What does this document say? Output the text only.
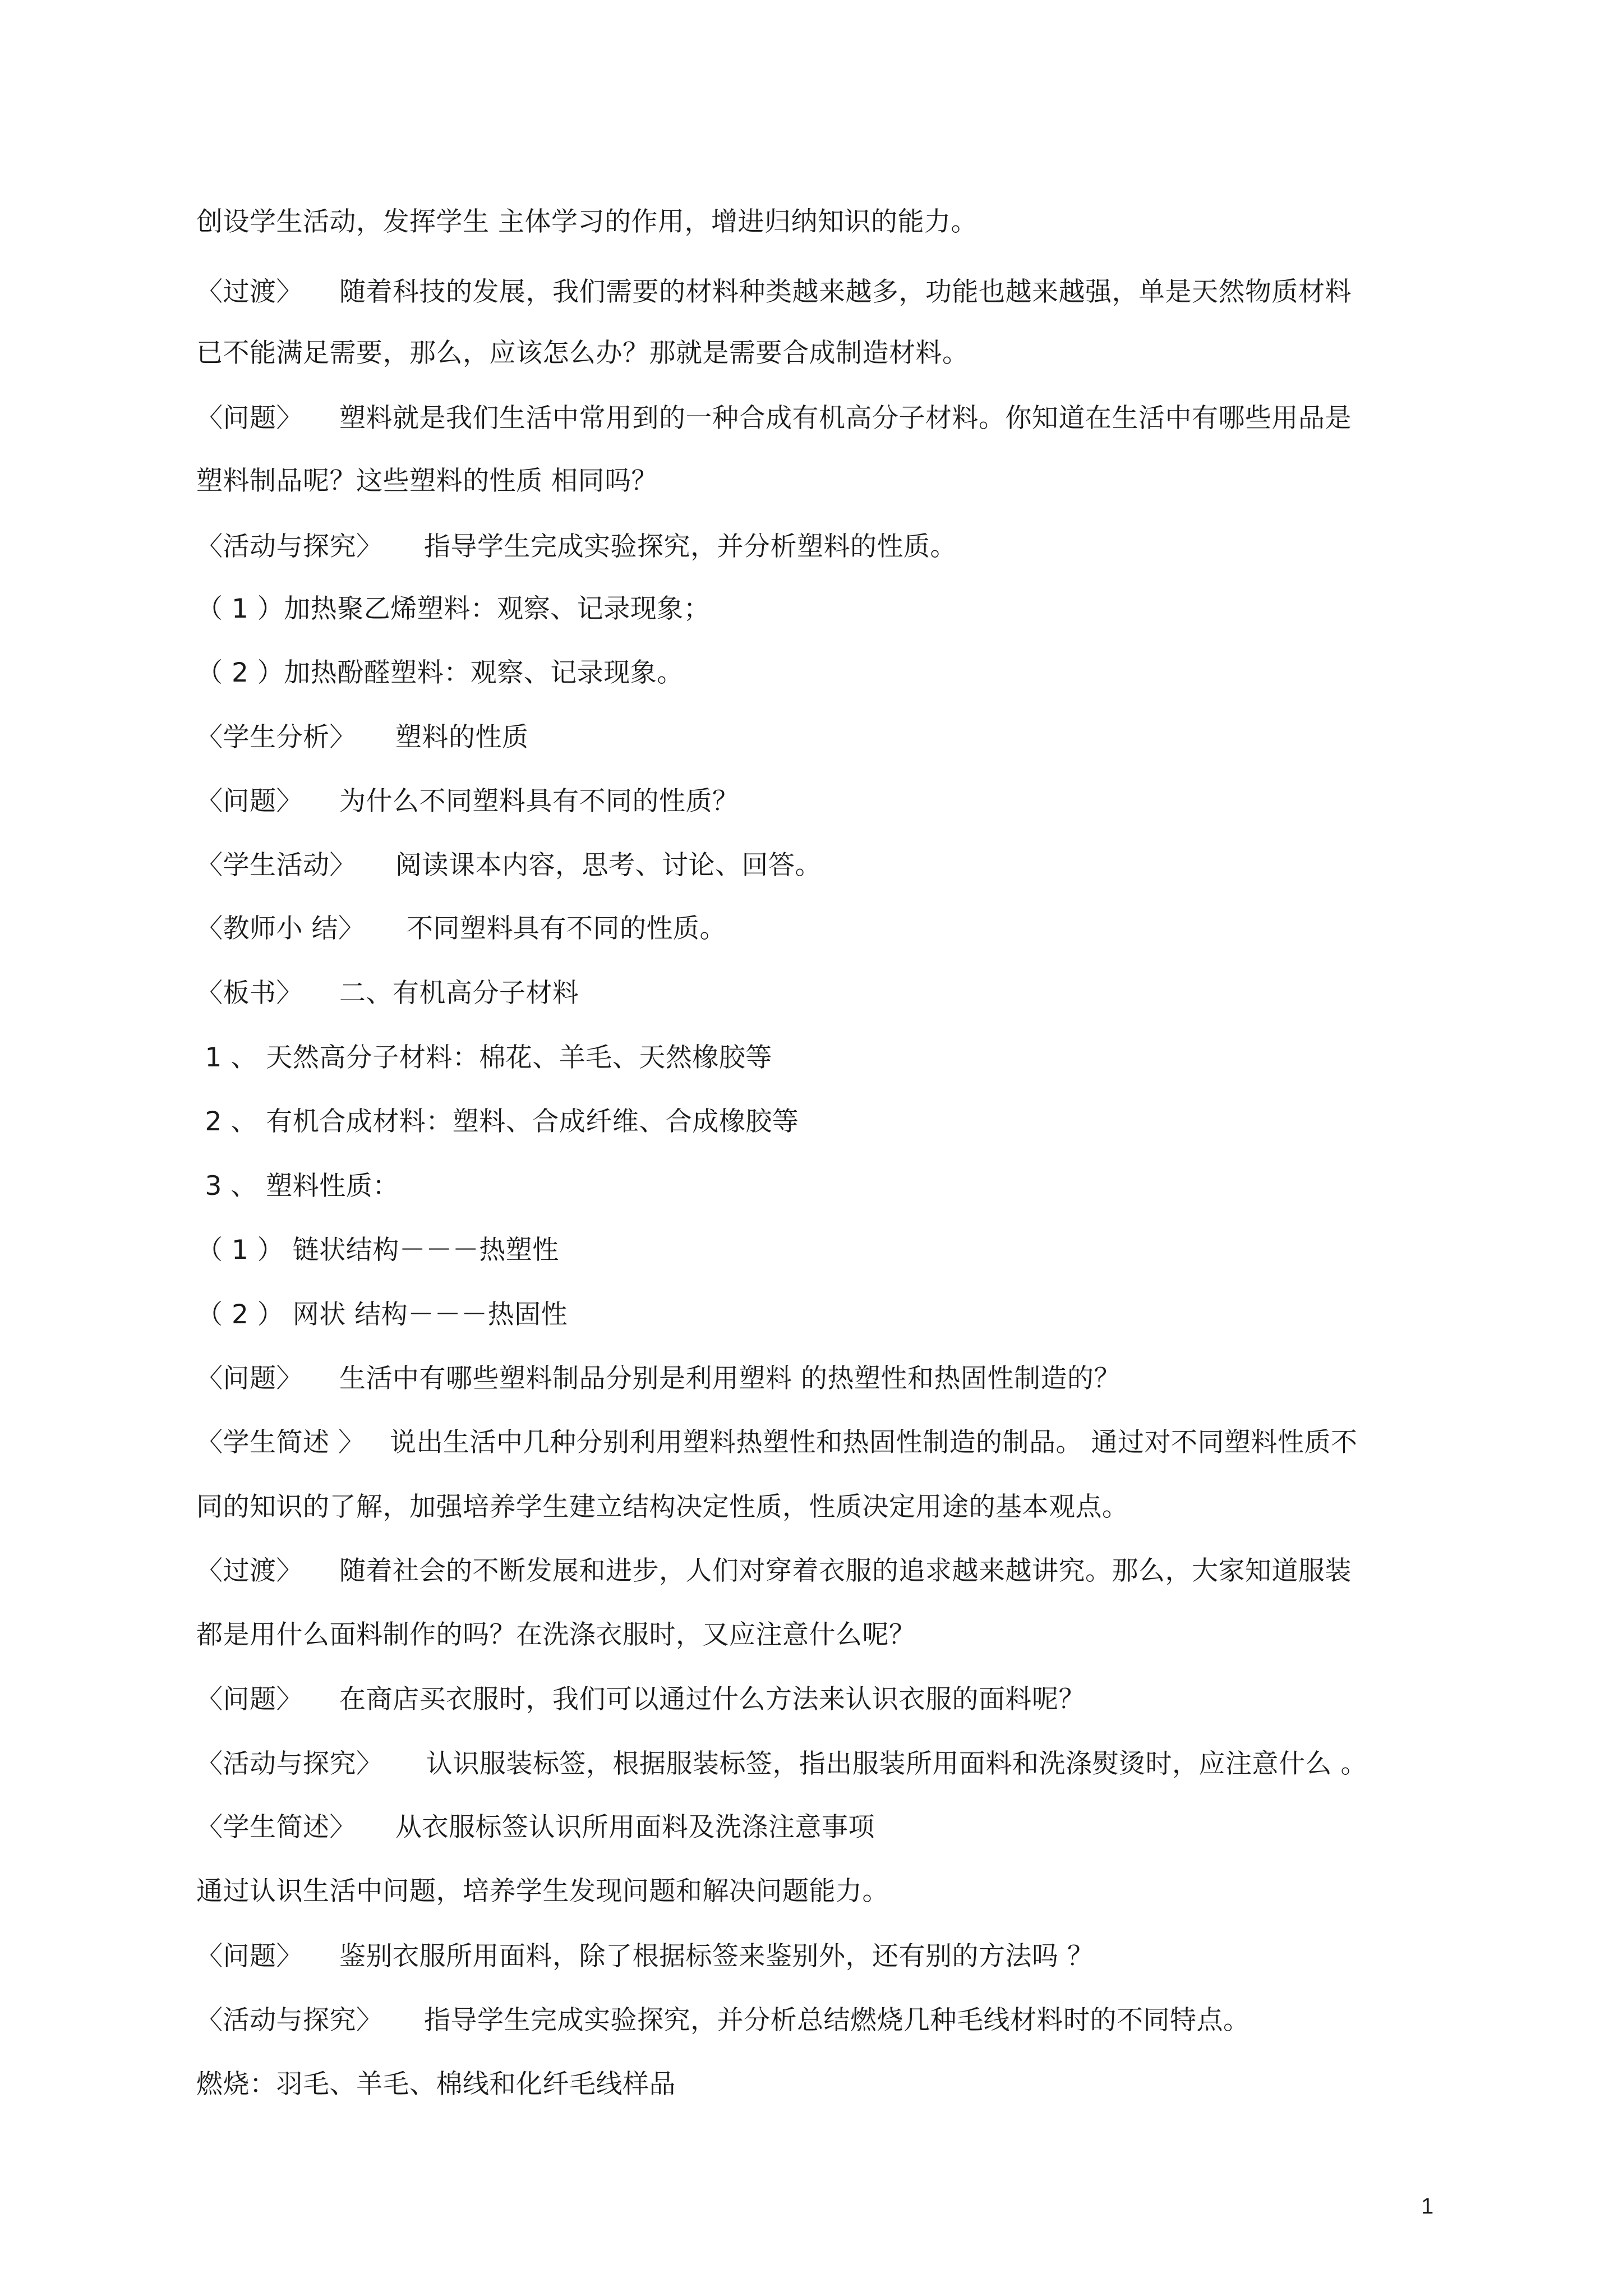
创设学生活动，发挥学生 主体学习的作用，增进归纳知识的能力。
〈过渡〉 随着科技的发展，我们需要的材料种类越来越多，功能也越来越强，单是天然物质材料
已不能满足需要，那么，应该怎么办？那就是需要合成制造材料。
〈问题〉 塑料就是我们生活中常用到的一种合成有机高分子材料。你知道在生活中有哪些用品是
塑料制品呢？这些塑料的性质 相同吗？
〈活动与探究〉 指导学生完成实验探究，并分析塑料的性质。
（ 1 ）加热聚乙烯塑料：观察、记录现象；
（ 2 ）加热酚醛塑料：观察、记录现象。
〈学生分析〉 塑料的性质
〈问题〉 为什么不同塑料具有不同的性质？
〈学生活动〉 阅读课本内容，思考、讨论、回答。
〈教师小 结〉 不同塑料具有不同的性质。
〈板书〉 二、有机高分子材料
1 、 天然高分子材料：棉花、羊毛、天然橡胶等
2 、 有机合成材料：塑料、合成纤维、合成橡胶等
3 、 塑料性质：
（ 1 ） 链状结构－－－热塑性
（ 2 ） 网状 结构－－－热固性
〈问题〉 生活中有哪些塑料制品分别是利用塑料 的热塑性和热固性制造的？
〈学生简述 〉 说出生活中几种分别利用塑料热塑性和热固性制造的制品。 通过对不同塑料性质不
同的知识的了解，加强培养学生建立结构决定性质，性质决定用途的基本观点。
〈过渡〉 随着社会的不断发展和进步，人们对穿着衣服的追求越来越讲究。那么，大家知道服装
都是用什么面料制作的吗？在洗涤衣服时，又应注意什么呢？
〈问题〉 在商店买衣服时，我们可以通过什么方法来认识衣服的面料呢？
〈活动与探究〉 认识服装标签，根据服装标签，指出服装所用面料和洗涤熨烫时，应注意什么 。
〈学生简述〉 从衣服标签认识所用面料及洗涤注意事项
通过认识生活中问题，培养学生发现问题和解决问题能力。
〈问题〉 鉴别衣服所用面料，除了根据标签来鉴别外，还有别的方法吗 ？
〈活动与探究〉 指导学生完成实验探究，并分析总结燃烧几种毛线材料时的不同特点。
燃烧：羽毛、羊毛、棉线和化纤毛线样品
1
